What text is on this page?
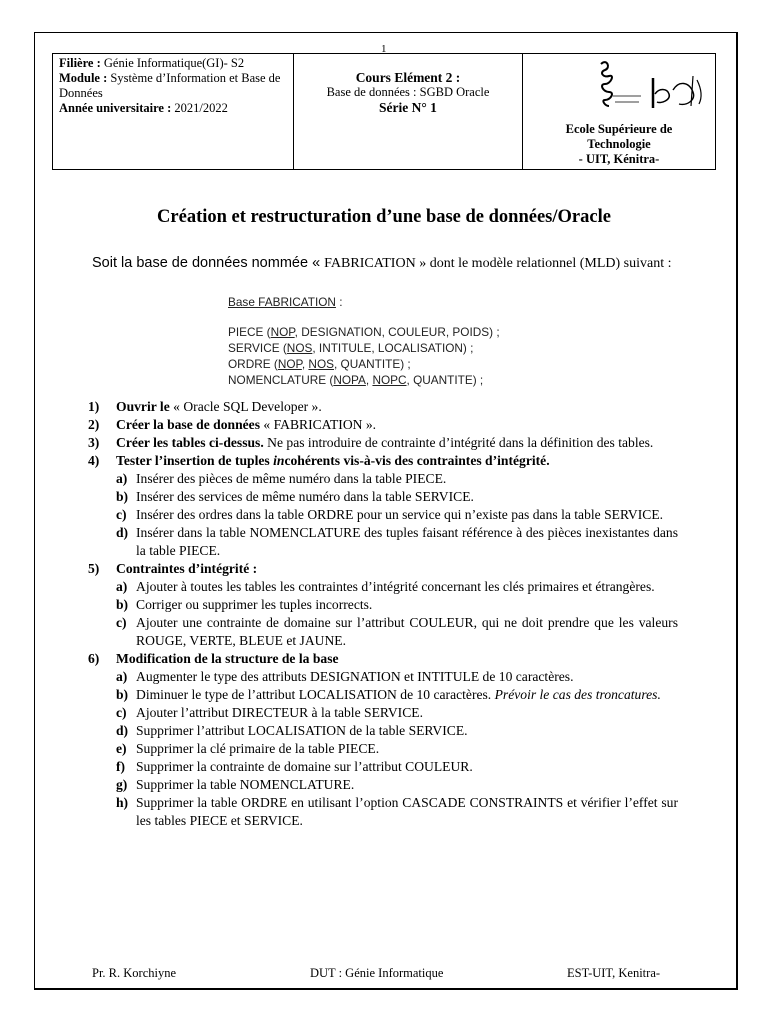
1
Filière : Génie Informatique(GI)- S2
Module : Système d’Information et Base de Données
Année universitaire : 2021/2022

Cours Elément 2 :
Base de données : SGBD Oracle
Série N° 1

Ecole Supérieure de
Technologie
- UIT, Kénitra-
Création et restructuration d’une base de données/Oracle
Soit la base de données nommée « FABRICATION » dont le modèle relationnel (MLD) suivant :
Base FABRICATION :
PIECE (NOP, DESIGNATION, COULEUR, POIDS) ;
SERVICE (NOS, INTITULE, LOCALISATION) ;
ORDRE (NOP, NOS, QUANTITE) ;
NOMENCLATURE (NOPA, NOPC, QUANTITE) ;
1)	Ouvrir le « Oracle SQL Developer ».
2)	Créer la base de données « FABRICATION ».
3)	Créer les tables ci-dessus. Ne pas introduire de contrainte d’intégrité dans la définition des tables.
4)	Tester l’insertion de tuples incohérents vis-à-vis des contraintes d’intégrité.
a) Insérer des pièces de même numéro dans la table PIECE.
b) Insérer des services de même numéro dans la table SERVICE.
c) Insérer des ordres dans la table ORDRE pour un service qui n’existe pas dans la table SERVICE.
d) Insérer dans la table NOMENCLATURE des tuples faisant référence à des pièces inexistantes dans la table PIECE.
5)	Contraintes d’intégrité :
a) Ajouter à toutes les tables les contraintes d’intégrité concernant les clés primaires et étrangères.
b) Corriger ou supprimer les tuples incorrects.
c) Ajouter une contrainte de domaine sur l’attribut COULEUR, qui ne doit prendre que les valeurs ROUGE, VERTE, BLEUE et JAUNE.
6)	Modification de la structure de la base
a) Augmenter le type des attributs DESIGNATION et INTITULE de 10 caractères.
b) Diminuer le type de l’attribut LOCALISATION de 10 caractères. Prévoir le cas des troncatures.
c) Ajouter l’attribut DIRECTEUR à la table SERVICE.
d) Supprimer l’attribut LOCALISATION de la table SERVICE.
e) Supprimer la clé primaire de la table PIECE.
f) Supprimer la contrainte de domaine sur l’attribut COULEUR.
g) Supprimer la table NOMENCLATURE.
h) Supprimer la table ORDRE en utilisant l’option CASCADE CONSTRAINTS et vérifier l’effet sur les tables PIECE et SERVICE.
Pr. R. Korchiyne	DUT : Génie Informatique	EST-UIT, Kenitra-
